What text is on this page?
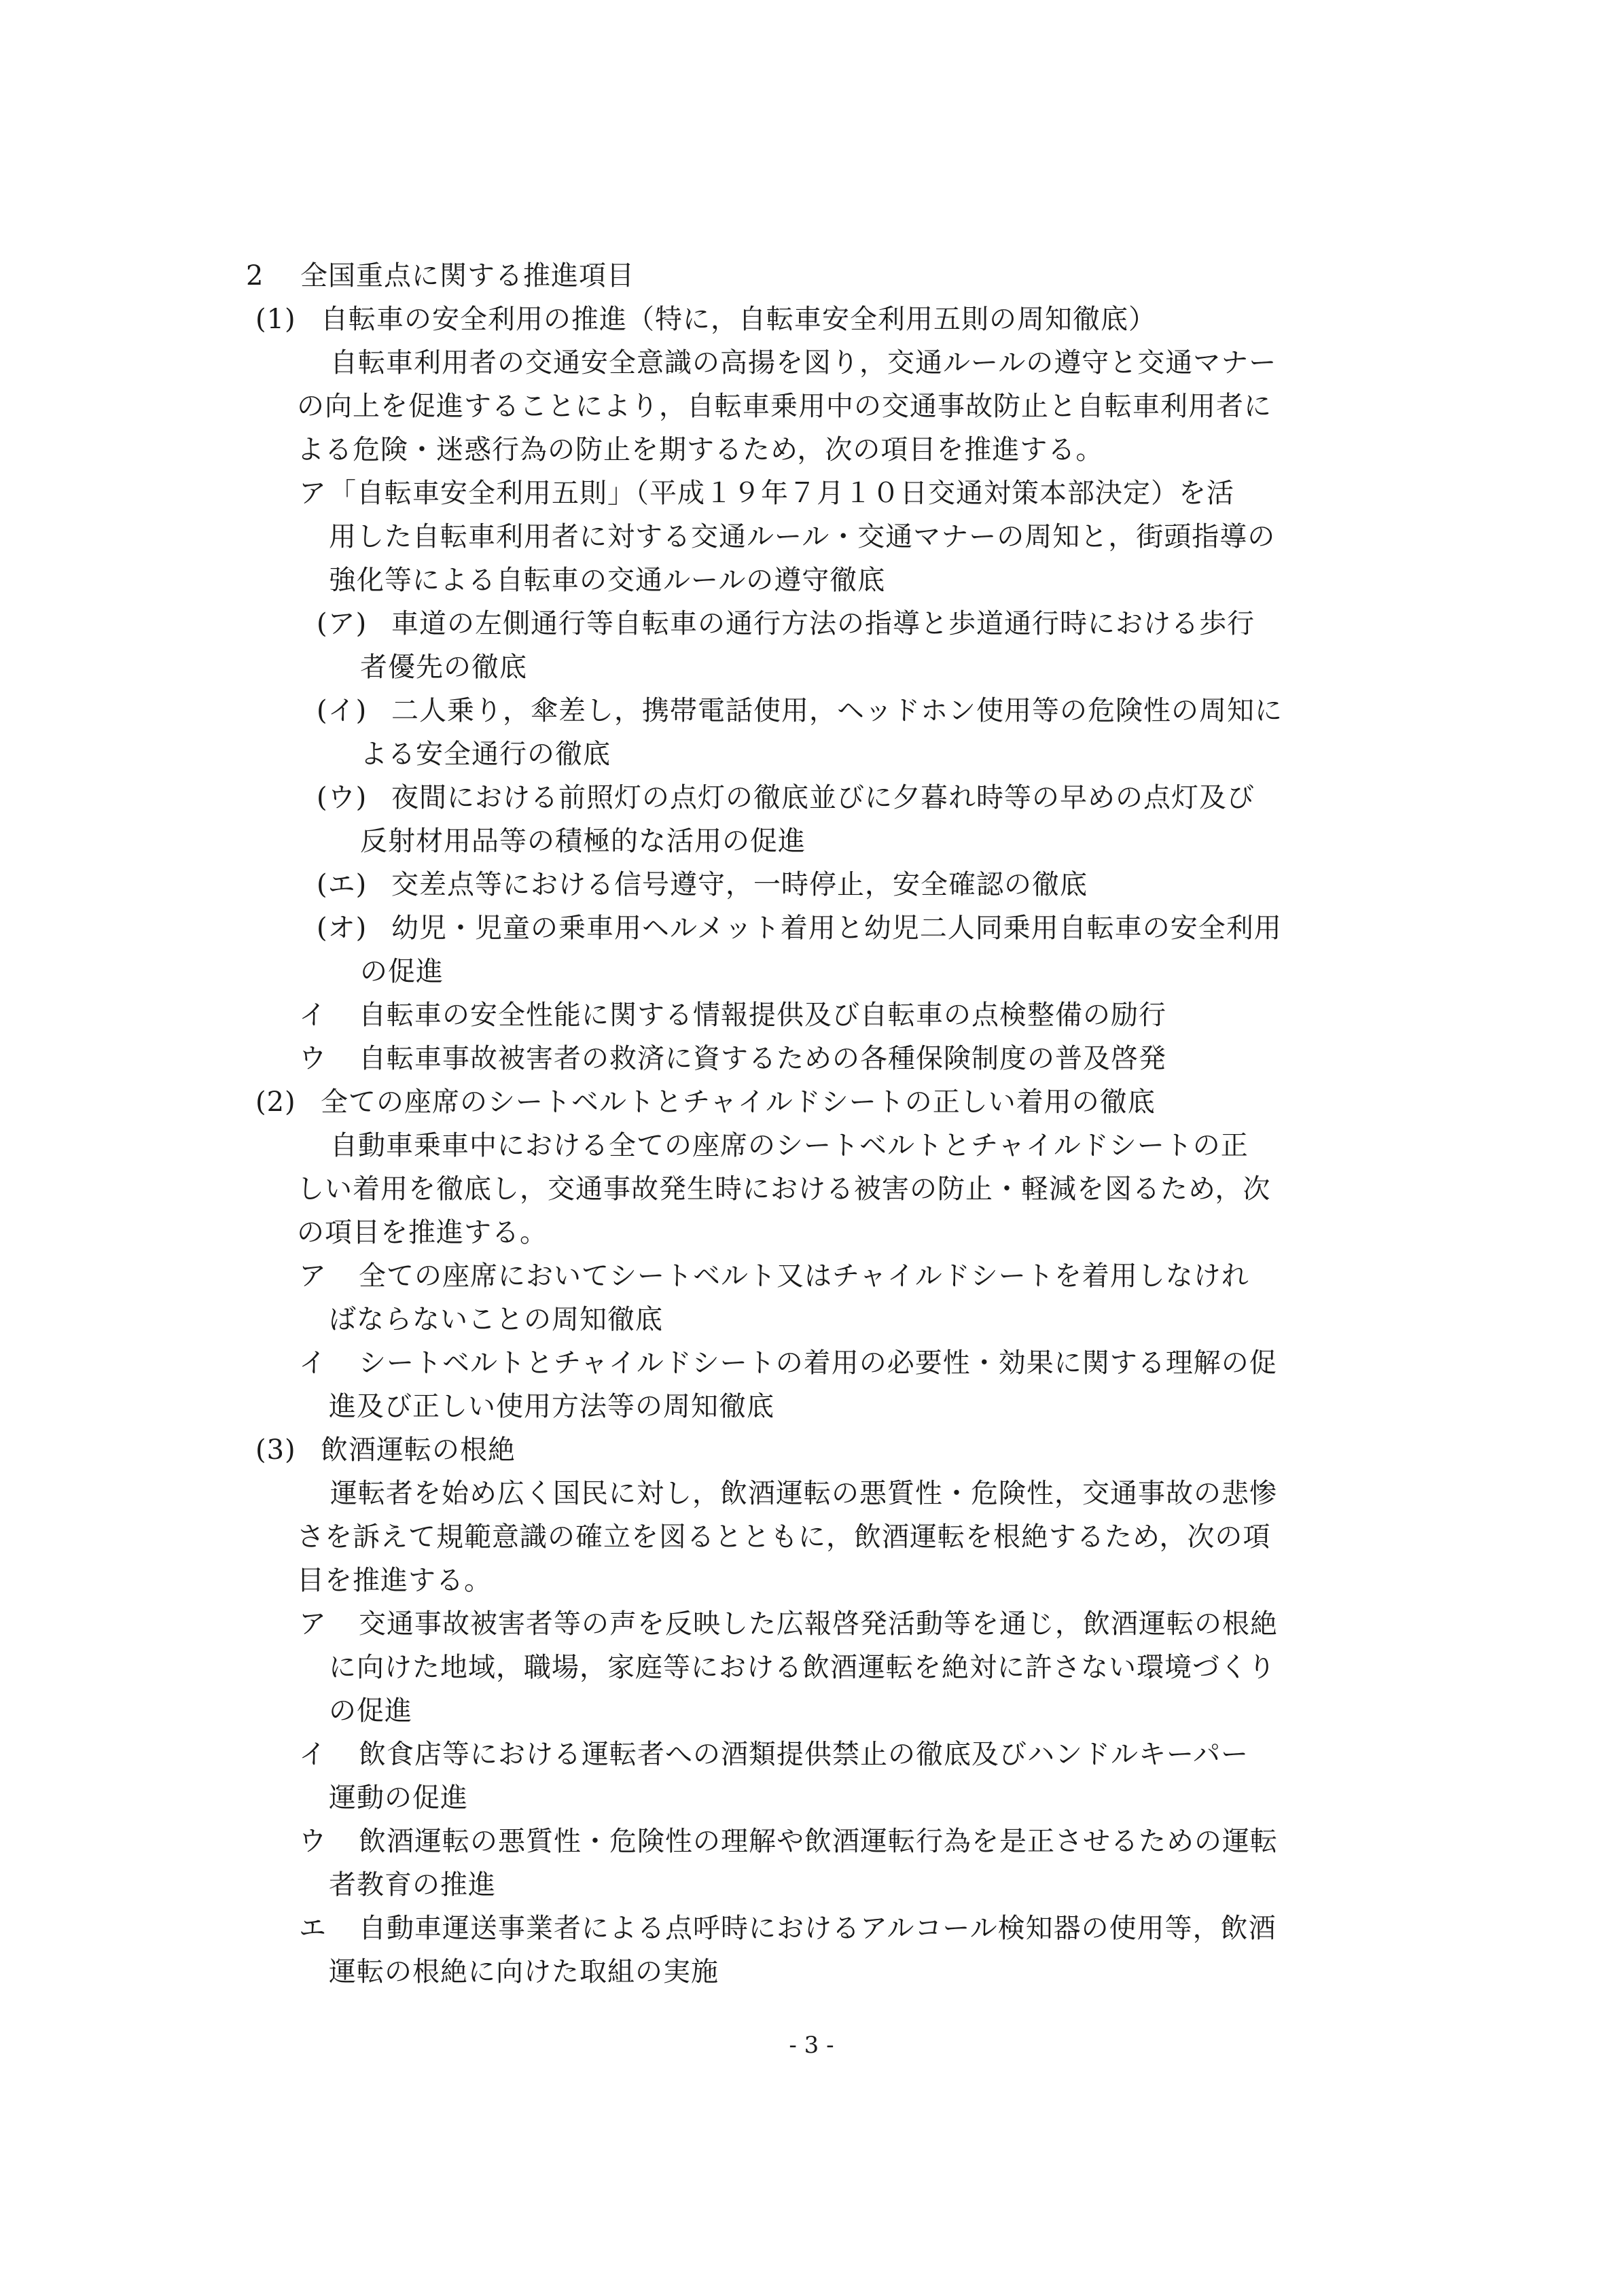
2 全国重点に関する推進項目
(1) 自転車の安全利用の推進（特に，自転車安全利用五則の周知徹底）
自転車利用者の交通安全意識の高揚を図り，交通ルールの遵守と交通マナー
の向上を促進することにより，自転車乗用中の交通事故防止と自転車利用者に
よる危険・迷惑行為の防止を期するため，次の項目を推進する。
ア「自転車安全利用五則」（平成１９年７月１０日交通対策本部決定）を活
用した自転車利用者に対する交通ルール・交通マナーの周知と，街頭指導の
強化等による自転車の交通ルールの遵守徹底
(ア) 車道の左側通行等自転車の通行方法の指導と歩道通行時における歩行
者優先の徹底
(イ) 二人乗り，傘差し，携帯電話使用，ヘッドホン使用等の危険性の周知に
よる安全通行の徹底
(ウ) 夜間における前照灯の点灯の徹底並びに夕暮れ時等の早めの点灯及び
反射材用品等の積極的な活用の促進
(エ) 交差点等における信号遵守，一時停止，安全確認の徹底
(オ) 幼児・児童の乗車用ヘルメット着用と幼児二人同乗用自転車の安全利用
の促進
イ 自転車の安全性能に関する情報提供及び自転車の点検整備の励行
ウ 自転車事故被害者の救済に資するための各種保険制度の普及啓発
(2) 全ての座席のシートベルトとチャイルドシートの正しい着用の徹底
自動車乗車中における全ての座席のシートベルトとチャイルドシートの正
しい着用を徹底し，交通事故発生時における被害の防止・軽減を図るため，次
の項目を推進する。
ア 全ての座席においてシートベルト又はチャイルドシートを着用しなけれ
ばならないことの周知徹底
イ シートベルトとチャイルドシートの着用の必要性・効果に関する理解の促
進及び正しい使用方法等の周知徹底
(3) 飲酒運転の根絶
運転者を始め広く国民に対し，飲酒運転の悪質性・危険性，交通事故の悲惨
さを訴えて規範意識の確立を図るとともに，飲酒運転を根絶するため，次の項
目を推進する。
ア 交通事故被害者等の声を反映した広報啓発活動等を通じ，飲酒運転の根絶
に向けた地域，職場，家庭等における飲酒運転を絶対に許さない環境づくり
の促進
イ 飲食店等における運転者への酒類提供禁止の徹底及びハンドルキーパー
運動の促進
ウ 飲酒運転の悪質性・危険性の理解や飲酒運転行為を是正させるための運転
者教育の推進
エ 自動車運送事業者による点呼時におけるアルコール検知器の使用等，飲酒
運転の根絶に向けた取組の実施
- 3 -
